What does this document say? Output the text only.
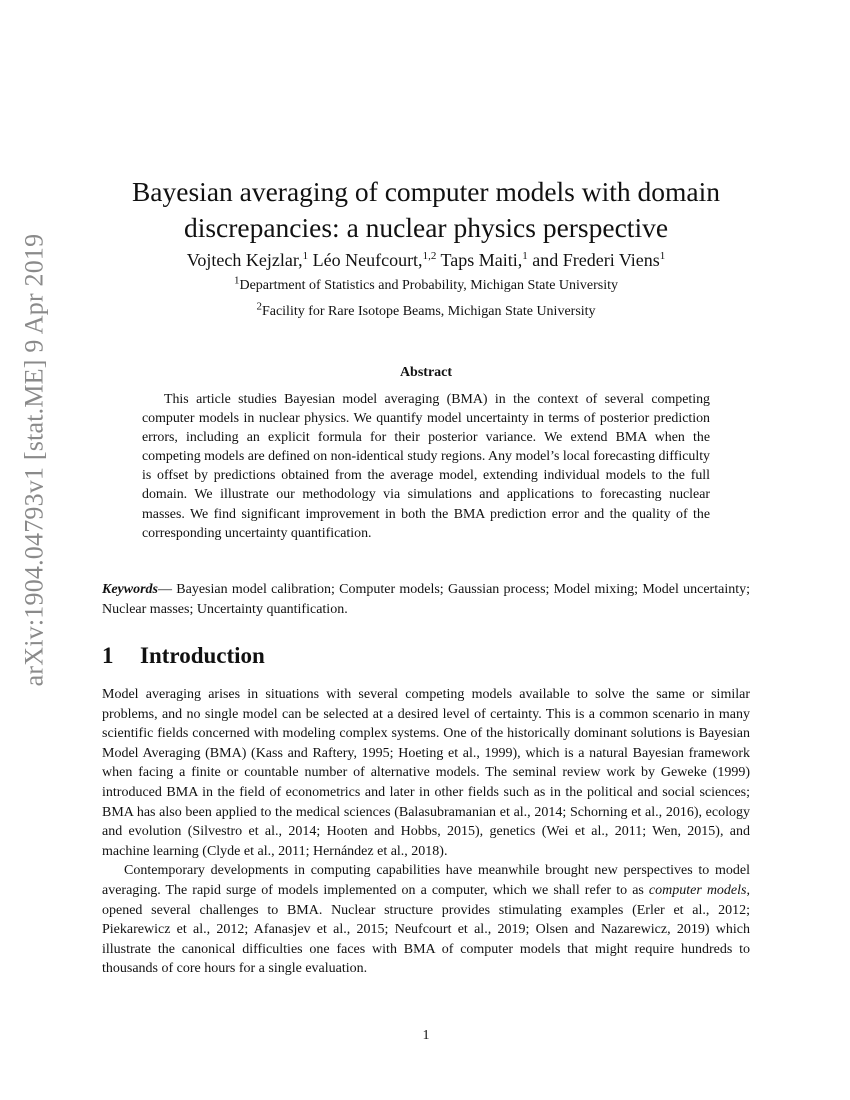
arXiv:1904.04793v1 [stat.ME] 9 Apr 2019
Bayesian averaging of computer models with domain discrepancies: a nuclear physics perspective
Vojtech Kejzlar,$^1$ Léo Neufcourt,$^{1,2}$ Taps Maiti,$^1$ and Frederi Viens$^1$
$^1$Department of Statistics and Probability, Michigan State University
$^2$Facility for Rare Isotope Beams, Michigan State University
Abstract

This article studies Bayesian model averaging (BMA) in the context of several competing computer models in nuclear physics. We quantify model uncertainty in terms of posterior prediction errors, including an explicit formula for their posterior variance. We extend BMA when the competing models are defined on non-identical study regions. Any model’s local forecasting difficulty is offset by predictions obtained from the average model, extending individual models to the full domain. We illustrate our methodology via simulations and applications to forecasting nuclear masses. We find significant improvement in both the BMA prediction error and the quality of the corresponding uncertainty quantification.

Keywords— Bayesian model calibration; Computer models; Gaussian process; Model mixing; Model uncertainty; Nuclear masses; Uncertainty quantification.

1 Introduction

Model averaging arises in situations with several competing models available to solve the same or similar problems, and no single model can be selected at a desired level of certainty. This is a common scenario in many scientific fields concerned with modeling complex systems. One of the historically dominant solutions is Bayesian Model Averaging (BMA) (Kass and Raftery, 1995; Hoeting et al., 1999), which is a natural Bayesian framework when facing a finite or countable number of alternative models. The seminal review work by Geweke (1999) introduced BMA in the field of econometrics and later in other fields such as in the political and social sciences; BMA has also been applied to the medical sciences (Balasubramanian et al., 2014; Schorning et al., 2016), ecology and evolution (Silvestro et al., 2014; Hooten and Hobbs, 2015), genetics (Wei et al., 2011; Wen, 2015), and machine learning (Clyde et al., 2011; Hernández et al., 2018).

Contemporary developments in computing capabilities have meanwhile brought new perspectives to model averaging. The rapid surge of models implemented on a computer, which we shall refer to as computer models, opened several challenges to BMA. Nuclear structure provides stimulating examples (Erler et al., 2012; Piekarewicz et al., 2012; Afanasjev et al., 2015; Neufcourt et al., 2019; Olsen and Nazarewicz, 2019) which illustrate the canonical difficulties one faces with BMA of computer models that might require hundreds to thousands of core hours for a single evaluation.

1
